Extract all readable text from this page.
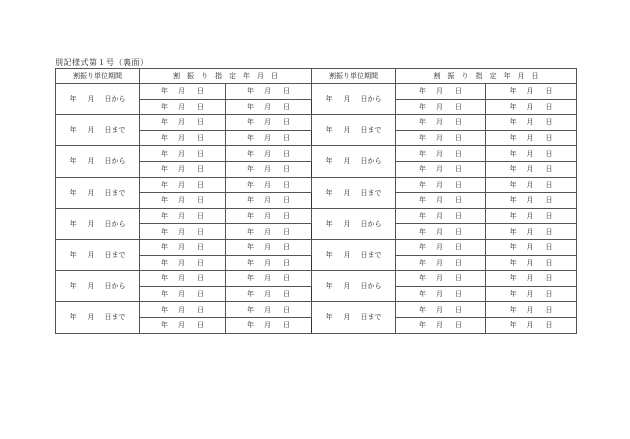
別記様式第１号（裏面）
割振り単位期間	割　振　り　指　定　年　月　日		割振り単位期間	割　振　り　指　定　年　月　日	
年 月 日から	年 月 日	年 月 日	年 月 日から	年 月 日	年 月 日
	年 月 日	年 月 日		年 月 日	年 月 日
年 月 日まで	年 月 日	年 月 日	年 月 日まで	年 月 日	年 月 日
	年 月 日	年 月 日		年 月 日	年 月 日
年 月 日から	年 月 日	年 月 日	年 月 日から	年 月 日	年 月 日
	年 月 日	年 月 日		年 月 日	年 月 日
年 月 日まで	年 月 日	年 月 日	年 月 日まで	年 月 日	年 月 日
	年 月 日	年 月 日		年 月 日	年 月 日
年 月 日から	年 月 日	年 月 日	年 月 日から	年 月 日	年 月 日
	年 月 日	年 月 日		年 月 日	年 月 日
年 月 日まで	年 月 日	年 月 日	年 月 日まで	年 月 日	年 月 日
	年 月 日	年 月 日		年 月 日	年 月 日
年 月 日から	年 月 日	年 月 日	年 月 日から	年 月 日	年 月 日
	年 月 日	年 月 日		年 月 日	年 月 日
年 月 日まで	年 月 日	年 月 日	年 月 日まで	年 月 日	年 月 日
	年 月 日	年 月 日		年 月 日	年 月 日
